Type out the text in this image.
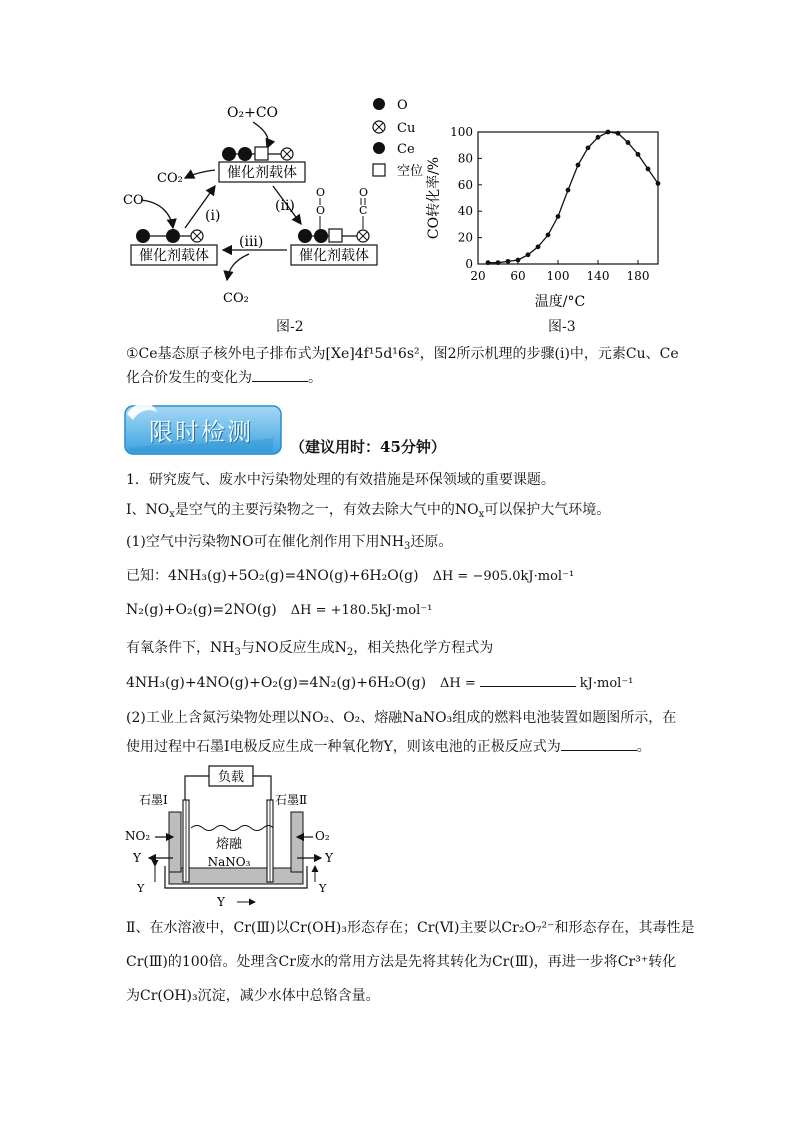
O₂+CO
催化剂载体
CO₂
CO
(i)
(ii)
催化剂载体
O
O
O
C
催化剂载体
(iii)
CO₂
O
Cu
Ce
空位
图-2
0
20
40
60
80
100
20 60 100 140 180
CO转化率/%
温度/°C
图-3
①Ce基态原子核外电子排布式为[Xe]4f¹5d¹6s²，图2所示机理的步骤(i)中，元素Cu、Ce化合价发生的变化为	。
限时检测
（建议用时：45分钟）
1．研究废气、废水中污染物处理的有效措施是环保领域的重要课题。
Ⅰ、$NO_x$是空气的主要污染物之一，有效去除大气中的$NO_x$可以保护大气环境。
(1)空气中污染物NO可在催化剂作用下用$NH_3$还原。
已知：4NH₃(g)+5O₂(g)=4NO(g)+6H₂O(g) ΔH = −905.0kJ·mol⁻¹
N₂(g)+O₂(g)=2NO(g) ΔH = +180.5kJ·mol⁻¹
有氧条件下，$NH_3$与NO反应生成$N_2$，相关热化学方程式为
4NH₃(g)+4NO(g)+O₂(g)=4N₂(g)+6H₂O(g) ΔH =	kJ·mol⁻¹
(2)工业上含氮污染物处理以NO₂、O₂、熔融NaNO₃组成的燃料电池装置如题图所示，在
使用过程中石墨Ⅰ电极反应生成一种氧化物Y，则该电池的正极反应式为	。
负载
石墨Ⅰ	石墨Ⅱ
熔融
NaNO₃
NO₂	O₂
Y	Y
Y	Y
Y
Ⅱ、在水溶液中，Cr(Ⅲ)以Cr(OH)₃形态存在；Cr(Ⅵ)主要以Cr₂O₇²⁻和形态存在，其毒性是
Cr(Ⅲ)的100倍。处理含Cr废水的常用方法是先将其转化为Cr(Ⅲ)，再进一步将Cr³⁺转化
为Cr(OH)₃沉淀，减少水体中总铬含量。
